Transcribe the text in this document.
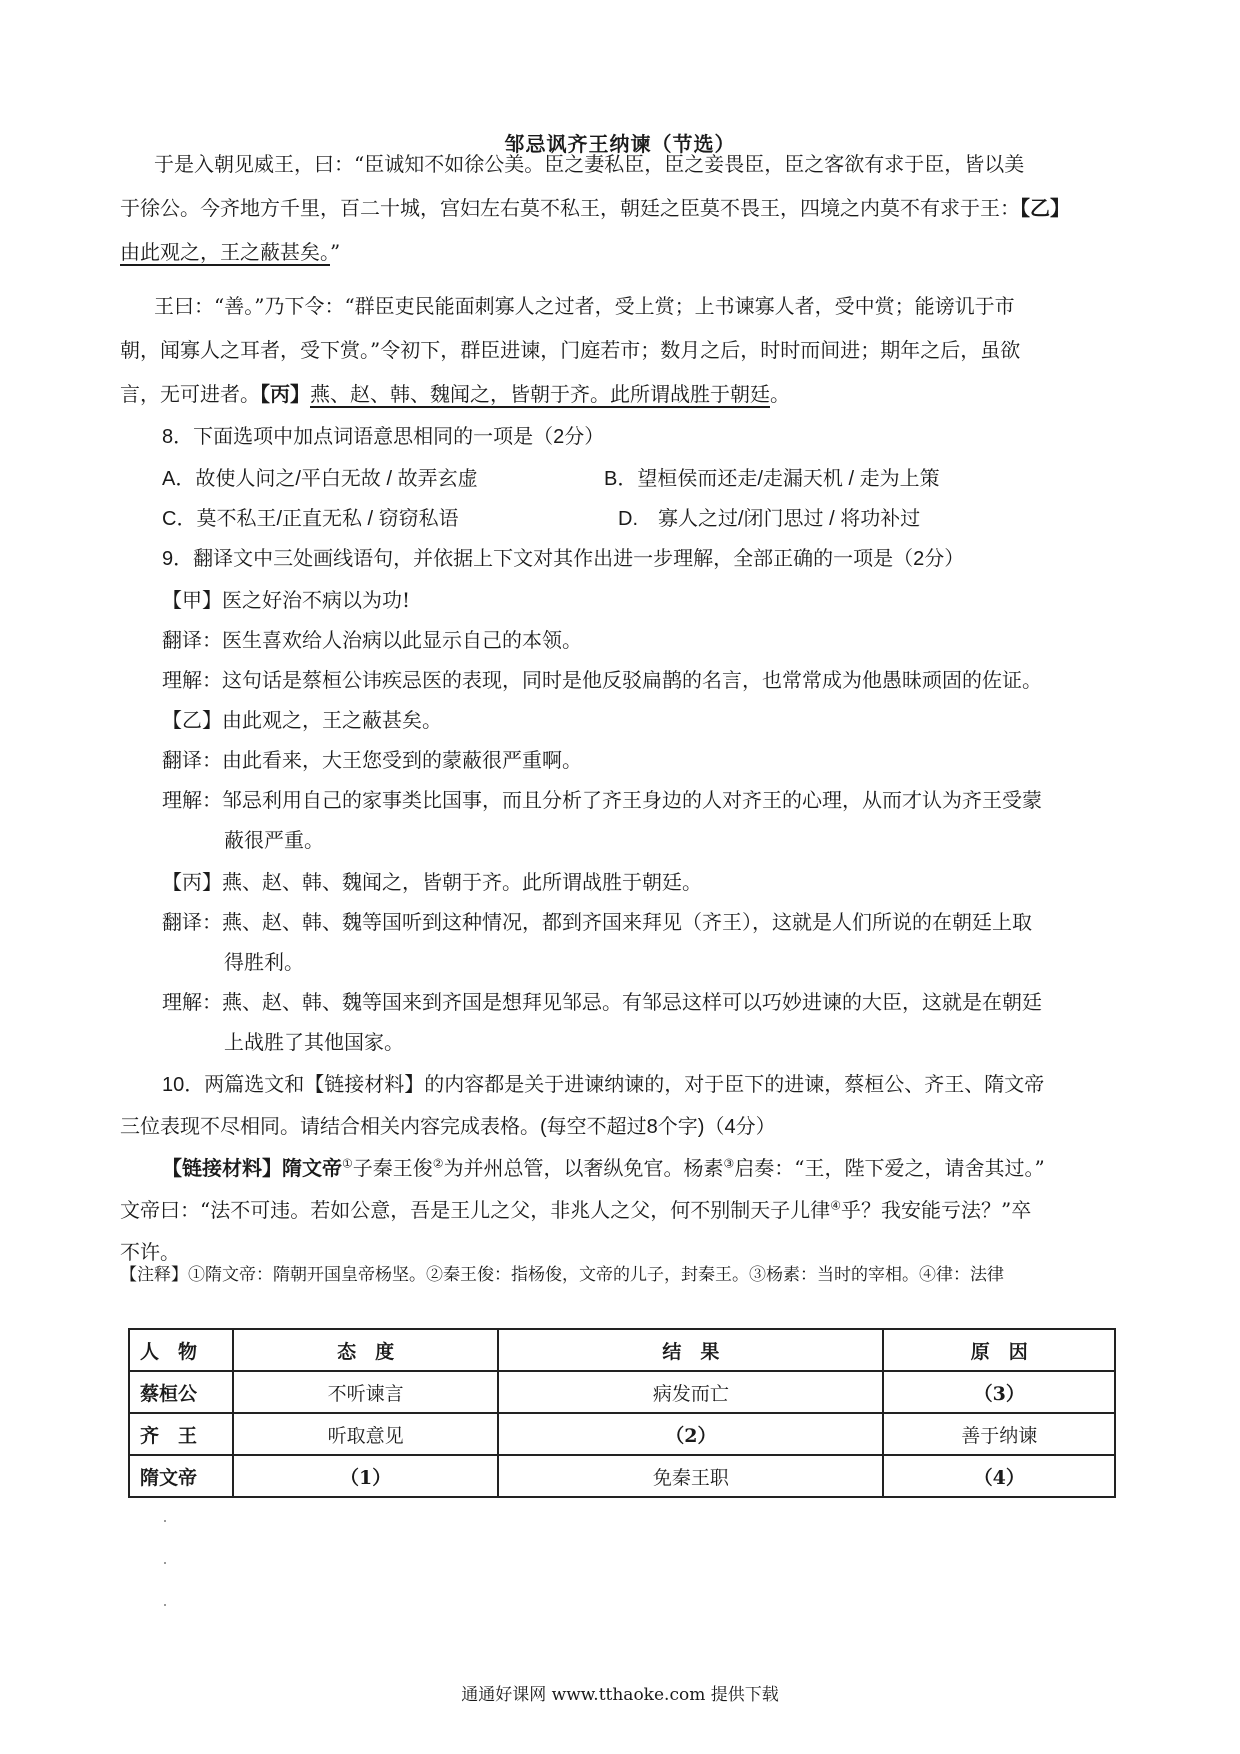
邹忌讽齐王纳谏（节选）
于是入朝见威王，曰：“臣诚知不如徐公美。臣之妻私臣，臣之妾畏臣，臣之客欲有求于臣，皆以美
于徐公。今齐地方千里，百二十城，宫妇左右莫不私王，朝廷之臣莫不畏王，四境之内莫不有求于王：【乙】
由此观之，王之蔽甚矣。”
王曰：“善。”乃下令：“群臣吏民能面刺寡人之过者，受上赏；上书谏寡人者，受中赏；能谤讥于市
朝，闻寡人之耳者，受下赏。”令初下，群臣进谏，门庭若市；数月之后，时时而间进；期年之后，虽欲
言，无可进者。【丙】燕、赵、韩、魏闻之，皆朝于齐。此所谓战胜于朝廷。
8．下面选项中加点词语意思相同的一项是（2分）
A．故使人问之/平白无故 / 故弄玄虚	B．望桓侯而还走/走漏天机 / 走为上策
C．莫不私王/正直无私 / 窃窃私语	D.　寡人之过/闭门思过 / 将功补过
9．翻译文中三处画线语句，并依据上下文对其作出进一步理解，全部正确的一项是（2分）
【甲】医之好治不病以为功!
翻译：医生喜欢给人治病以此显示自己的本领。
理解：这句话是蔡桓公讳疾忌医的表现，同时是他反驳扁鹊的名言，也常常成为他愚昧顽固的佐证。
【乙】由此观之，王之蔽甚矣。
翻译：由此看来，大王您受到的蒙蔽很严重啊。
理解：邹忌利用自己的家事类比国事，而且分析了齐王身边的人对齐王的心理，从而才认为齐王受蒙
蔽很严重。
【丙】燕、赵、韩、魏闻之，皆朝于齐。此所谓战胜于朝廷。
翻译：燕、赵、韩、魏等国听到这种情况，都到齐国来拜见（齐王），这就是人们所说的在朝廷上取
得胜利。
理解：燕、赵、韩、魏等国来到齐国是想拜见邹忌。有邹忌这样可以巧妙进谏的大臣，这就是在朝廷
上战胜了其他国家。
10．两篇选文和【链接材料】的内容都是关于进谏纳谏的，对于臣下的进谏，蔡桓公、齐王、隋文帝
三位表现不尽相同。请结合相关内容完成表格。(每空不超过8个字)（4分）
【链接材料】隋文帝①子秦王俊②为并州总管，以奢纵免官。杨素③启奏：“王，陛下爱之，请舍其过。”
文帝曰：“法不可违。若如公意，吾是王儿之父，非兆人之父，何不别制天子儿律④乎？我安能亏法？”卒
不许。
【注释】①隋文帝：隋朝开国皇帝杨坚。②秦王俊：指杨俊，文帝的儿子，封秦王。③杨素：当时的宰相。④律：法律
人　物	态　度	结　果	原　因
蔡桓公	不听谏言	病发而亡	（3）
齐　王	听取意见	（2）	善于纳谏
隋文帝	（1）	免秦王职	（4）
通通好课网 www.tthaoke.com 提供下载
